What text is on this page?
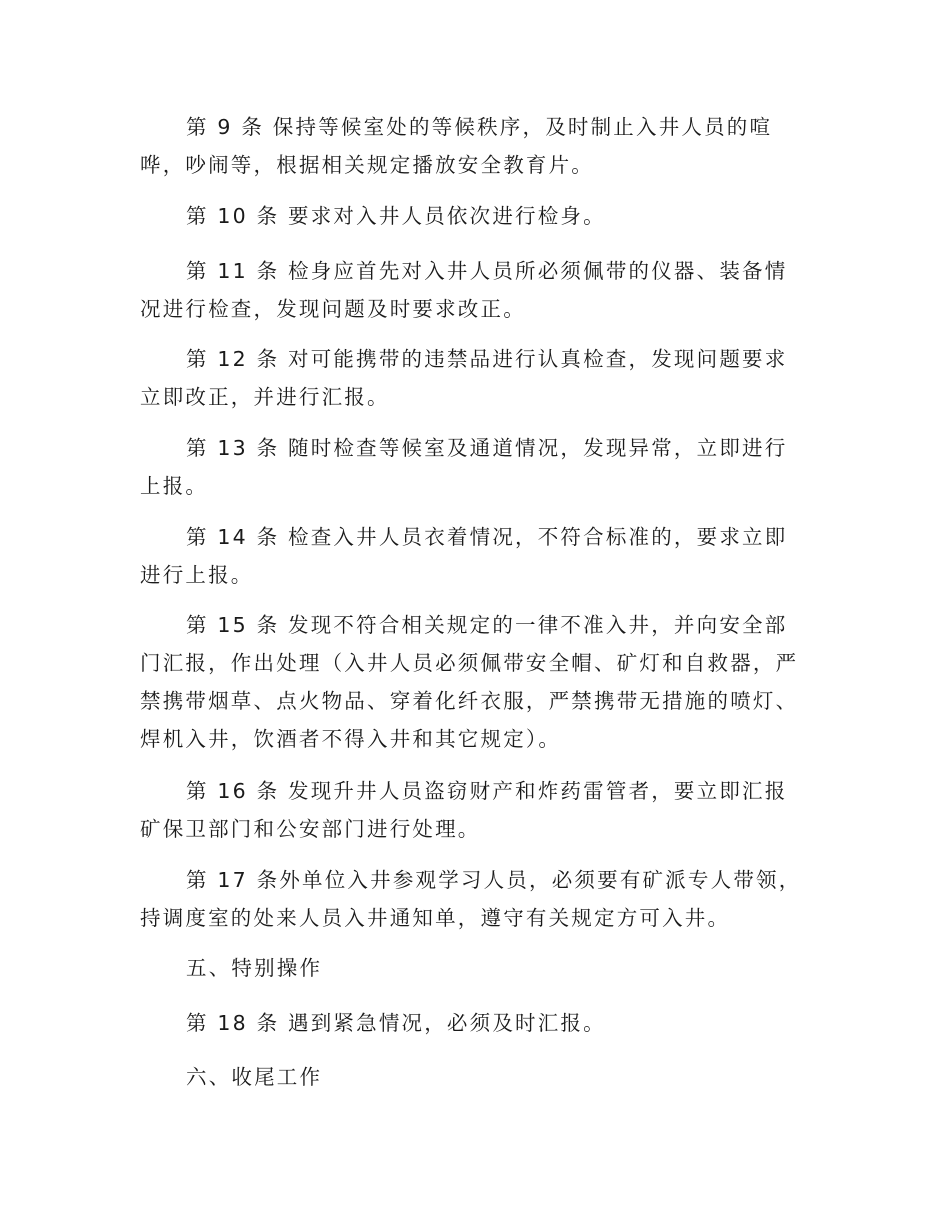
第 9 条 保持等候室处的等候秩序，及时制止入井人员的喧哗，吵闹等，根据相关规定播放安全教育片。

第 10 条 要求对入井人员依次进行检身。

第 11 条 检身应首先对入井人员所必须佩带的仪器、装备情况进行检查，发现问题及时要求改正。

第 12 条 对可能携带的违禁品进行认真检查，发现问题要求立即改正，并进行汇报。

第 13 条 随时检查等候室及通道情况，发现异常，立即进行上报。

第 14 条 检查入井人员衣着情况，不符合标准的，要求立即进行上报。

第 15 条 发现不符合相关规定的一律不准入井，并向安全部门汇报，作出处理（入井人员必须佩带安全帽、矿灯和自救器，严禁携带烟草、点火物品、穿着化纤衣服，严禁携带无措施的喷灯、焊机入井，饮酒者不得入井和其它规定）。

第 16 条 发现升井人员盗窃财产和炸药雷管者，要立即汇报矿保卫部门和公安部门进行处理。

第 17 条外单位入井参观学习人员，必须要有矿派专人带领，持调度室的处来人员入井通知单，遵守有关规定方可入井。

五、特别操作

第 18 条 遇到紧急情况，必须及时汇报。

六、收尾工作
